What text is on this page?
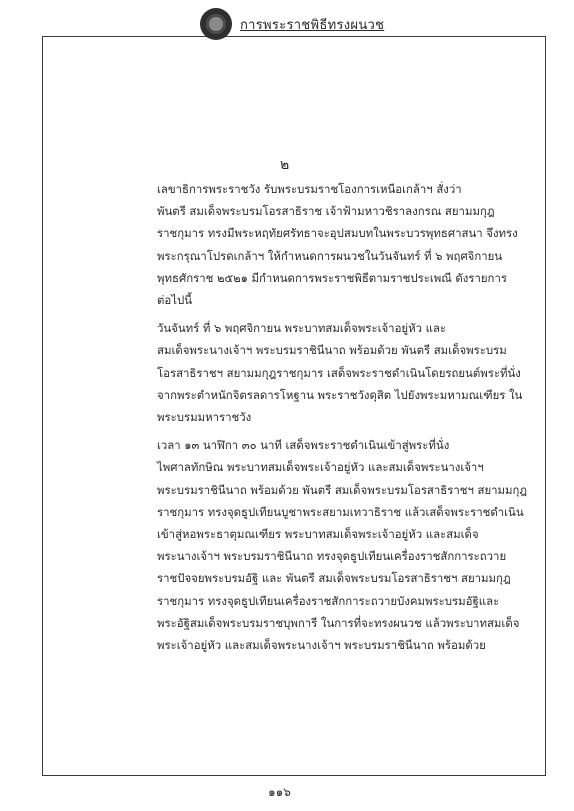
การพระราชพิธีทรงผนวช
๒

เลขาธิการพระราชวัง รับพระบรมราชโองการเหนือเกล้าฯ สั่งว่า
พันตรี สมเด็จพระบรมโอรสาธิราช เจ้าฟ้ามหาวชิราลงกรณ สยามมกุฎ
ราชกุมาร ทรงมีพระหฤทัยศรัทธาจะอุปสมบทในพระบวรพุทธศาสนา จึงทรง
พระกรุณาโปรดเกล้าฯ ให้กำหนดการผนวชในวันจันทร์ ที่ ๖ พฤศจิกายน
พุทธศักราช ๒๕๒๑ มีกำหนดการพระราชพิธีตามราชประเพณี ดังรายการ
ต่อไปนี้

วันจันทร์ ที่ ๖ พฤศจิกายน พระบาทสมเด็จพระเจ้าอยู่หัว และ
สมเด็จพระนางเจ้าฯ พระบรมราชินีนาถ พร้อมด้วย พันตรี สมเด็จพระบรม
โอรสาธิราชฯ สยามมกุฎราชกุมาร เสด็จพระราชดำเนินโดยรถยนต์พระที่นั่ง
จากพระตำหนักจิตรลดารโหฐาน พระราชวังดุสิต ไปยังพระมหามณเฑียร ใน
พระบรมมหาราชวัง

เวลา ๑๓ นาฬิกา ๓๐ นาที เสด็จพระราชดำเนินเข้าสู่พระที่นั่ง
ไพศาลทักษิณ พระบาทสมเด็จพระเจ้าอยู่หัว และสมเด็จพระนางเจ้าฯ
พระบรมราชินีนาถ พร้อมด้วย พันตรี สมเด็จพระบรมโอรสาธิราชฯ สยามมกุฎ
ราชกุมาร ทรงจุดธูปเทียนบูชาพระสยามเทวาธิราช แล้วเสด็จพระราชดำเนิน
เข้าสู่หอพระธาตุมณเฑียร พระบาทสมเด็จพระเจ้าอยู่หัว และสมเด็จ
พระนางเจ้าฯ พระบรมราชินีนาถ ทรงจุดธูปเทียนเครื่องราชสักการะถวาย
ราชปัจจยพระบรมอัฐิ และ พันตรี สมเด็จพระบรมโอรสาธิราชฯ สยามมกุฎ
ราชกุมาร ทรงจุดธูปเทียนเครื่องราชสักการะถวายบังคมพระบรมอัฐิและ
พระอัฐิสมเด็จพระบรมราชบุพการี ในการที่จะทรงผนวช แล้วพระบาทสมเด็จ
พระเจ้าอยู่หัว และสมเด็จพระนางเจ้าฯ พระบรมราชินีนาถ พร้อมด้วย

๑๑๖
